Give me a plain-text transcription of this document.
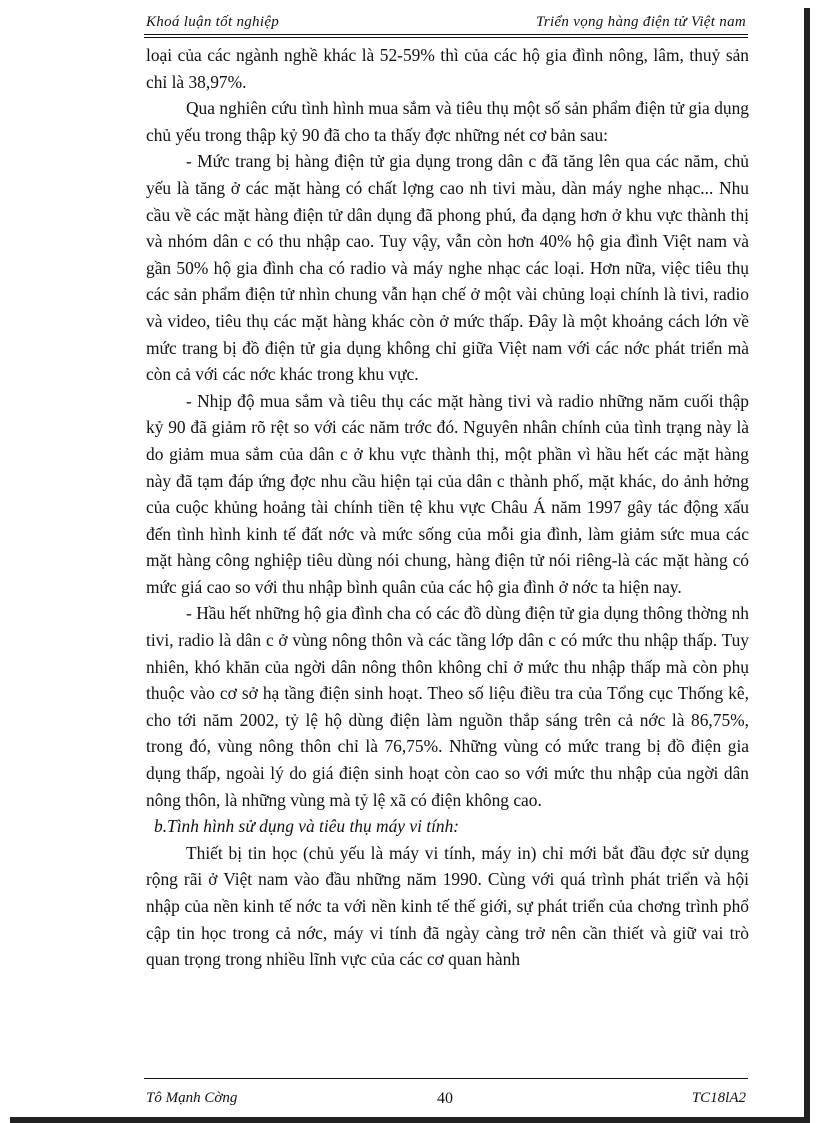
Khoá luận tốt nghiệp	Triển vọng hàng điện tử Việt nam

loại của các ngành nghề khác là 52-59% thì của các hộ gia đình nông, lâm, thuỷ sản chỉ là 38,97%.

Qua nghiên cứu tình hình mua sắm và tiêu thụ một số sản phẩm điện tử gia dụng chủ yếu trong thập kỷ 90 đã cho ta thấy đợc những nét cơ bản sau:

- Mức trang bị hàng điện tử gia dụng trong dân c đã tăng lên qua các năm, chủ yếu là tăng ở các mặt hàng có chất lợng cao nh tivi màu, dàn máy nghe nhạc... Nhu cầu về các mặt hàng điện tử dân dụng đã phong phú, đa dạng hơn ở khu vực thành thị và nhóm dân c có thu nhập cao. Tuy vậy, vẫn còn hơn 40% hộ gia đình Việt nam và gần 50% hộ gia đình cha có radio và máy nghe nhạc các loại. Hơn nữa, việc tiêu thụ các sản phẩm điện tử nhìn chung vẫn hạn chế ở một vài chủng loại chính là tivi, radio và video, tiêu thụ các mặt hàng khác còn ở mức thấp. Đây là một khoảng cách lớn về mức trang bị đồ điện tử gia dụng không chỉ giữa Việt nam với các nớc phát triển mà còn cả với các nớc khác trong khu vực.

- Nhịp độ mua sắm và tiêu thụ các mặt hàng tivi và radio những năm cuối thập kỷ 90 đã giảm rõ rệt so với các năm trớc đó. Nguyên nhân chính của tình trạng này là do giảm mua sắm của dân c ở khu vực thành thị, một phần vì hầu hết các mặt hàng này đã tạm đáp ứng đợc nhu cầu hiện tại của dân c thành phố, mặt khác, do ảnh hởng của cuộc khủng hoảng tài chính tiền tệ khu vực Châu Á năm 1997 gây tác động xấu đến tình hình kinh tế đất nớc và mức sống của mỗi gia đình, làm giảm sức mua các mặt hàng công nghiệp tiêu dùng nói chung, hàng điện tử nói riêng-là các mặt hàng có mức giá cao so với thu nhập bình quân của các hộ gia đình ở nớc ta hiện nay.

- Hầu hết những hộ gia đình cha có các đồ dùng điện tử gia dụng thông thờng nh tivi, radio là dân c ở vùng nông thôn và các tầng lớp dân c có mức thu nhập thấp. Tuy nhiên, khó khăn của ngời dân nông thôn không chỉ ở mức thu nhập thấp mà còn phụ thuộc vào cơ sở hạ tầng điện sinh hoạt. Theo số liệu điều tra của Tổng cục Thống kê, cho tới năm 2002, tỷ lệ hộ dùng điện làm nguồn thắp sáng trên cả nớc là 86,75%, trong đó, vùng nông thôn chỉ là 76,75%. Những vùng có mức trang bị đồ điện gia dụng thấp, ngoài lý do giá điện sinh hoạt còn cao so với mức thu nhập của ngời dân nông thôn, là những vùng mà tỷ lệ xã có điện không cao.

b.Tình hình sử dụng và tiêu thụ máy vi tính:

Thiết bị tin học (chủ yếu là máy vi tính, máy in) chỉ mới bắt đầu đợc sử dụng rộng rãi ở Việt nam vào đầu những năm 1990. Cùng với quá trình phát triển và hội nhập của nền kinh tế nớc ta với nền kinh tế thế giới, sự phát triển của chơng trình phổ cập tin học trong cả nớc, máy vi tính đã ngày càng trở nên cần thiết và giữ vai trò quan trọng trong nhiều lĩnh vực của các cơ quan hành

Tô Mạnh Cờng	40	TC18lA2
